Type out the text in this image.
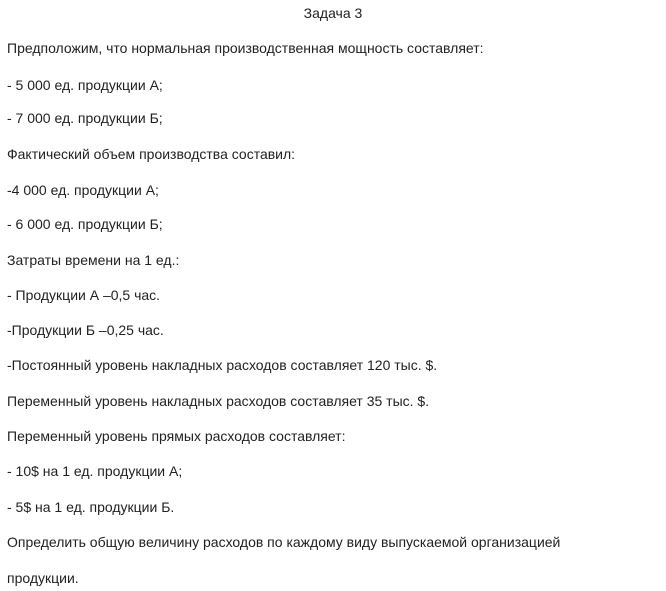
Задача 3
Предположим, что нормальная производственная мощность составляет:
- 5 000 ед. продукции А;
- 7 000 ед. продукции Б;
Фактический объем производства составил:
-4 000 ед. продукции А;
- 6 000 ед. продукции Б;
Затраты времени на 1 ед.:
- Продукции А –0,5 час.
-Продукции Б –0,25 час.
-Постоянный уровень накладных расходов составляет 120 тыс. $.
Переменный уровень накладных расходов составляет 35 тыс. $.
Переменный уровень прямых расходов составляет:
- 10$ на 1 ед. продукции А;
- 5$ на 1 ед. продукции Б.
Определить общую величину расходов по каждому виду выпускаемой организацией
продукции.
